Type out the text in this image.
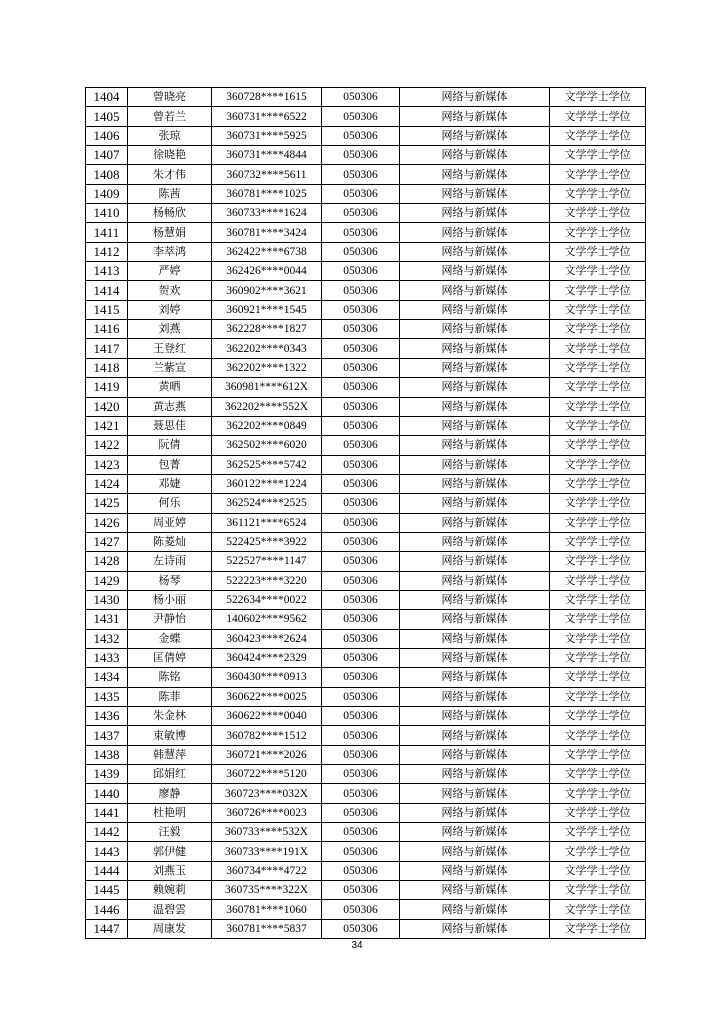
1404	曾晓亮	360728****1615	050306	网络与新媒体	文学学士学位
1405	曾若兰	360731****6522	050306	网络与新媒体	文学学士学位
1406	张琼	360731****5925	050306	网络与新媒体	文学学士学位
1407	徐晓艳	360731****4844	050306	网络与新媒体	文学学士学位
1408	朱才伟	360732****5611	050306	网络与新媒体	文学学士学位
1409	陈茜	360781****1025	050306	网络与新媒体	文学学士学位
1410	杨畅欣	360733****1624	050306	网络与新媒体	文学学士学位
1411	杨慧娟	360781****3424	050306	网络与新媒体	文学学士学位
1412	李萃鸿	362422****6738	050306	网络与新媒体	文学学士学位
1413	严婷	362426****0044	050306	网络与新媒体	文学学士学位
1414	贺欢	360902****3621	050306	网络与新媒体	文学学士学位
1415	刘婷	360921****1545	050306	网络与新媒体	文学学士学位
1416	刘燕	362228****1827	050306	网络与新媒体	文学学士学位
1417	王登红	362202****0343	050306	网络与新媒体	文学学士学位
1418	兰紫宣	362202****1322	050306	网络与新媒体	文学学士学位
1419	黄晒	360981****612X	050306	网络与新媒体	文学学士学位
1420	黄志燕	362202****552X	050306	网络与新媒体	文学学士学位
1421	聂思佳	362202****0849	050306	网络与新媒体	文学学士学位
1422	阮倩	362502****6020	050306	网络与新媒体	文学学士学位
1423	包菁	362525****5742	050306	网络与新媒体	文学学士学位
1424	邓婕	360122****1224	050306	网络与新媒体	文学学士学位
1425	何乐	362524****2525	050306	网络与新媒体	文学学士学位
1426	周亚婷	361121****6524	050306	网络与新媒体	文学学士学位
1427	陈菱灿	522425****3922	050306	网络与新媒体	文学学士学位
1428	左诗雨	522527****1147	050306	网络与新媒体	文学学士学位
1429	杨琴	522223****3220	050306	网络与新媒体	文学学士学位
1430	杨小丽	522634****0022	050306	网络与新媒体	文学学士学位
1431	尹静怡	140602****9562	050306	网络与新媒体	文学学士学位
1432	金蝶	360423****2624	050306	网络与新媒体	文学学士学位
1433	匡倩婷	360424****2329	050306	网络与新媒体	文学学士学位
1434	陈铭	360430****0913	050306	网络与新媒体	文学学士学位
1435	陈菲	360622****0025	050306	网络与新媒体	文学学士学位
1436	朱金林	360622****0040	050306	网络与新媒体	文学学士学位
1437	束敏博	360782****1512	050306	网络与新媒体	文学学士学位
1438	韩慧萍	360721****2026	050306	网络与新媒体	文学学士学位
1439	邱娟红	360722****5120	050306	网络与新媒体	文学学士学位
1440	廖静	360723****032X	050306	网络与新媒体	文学学士学位
1441	杜艳明	360726****0023	050306	网络与新媒体	文学学士学位
1442	汪毅	360733****532X	050306	网络与新媒体	文学学士学位
1443	郭伊健	360733****191X	050306	网络与新媒体	文学学士学位
1444	刘燕玉	360734****4722	050306	网络与新媒体	文学学士学位
1445	赖婉莉	360735****322X	050306	网络与新媒体	文学学士学位
1446	温碧雲	360781****1060	050306	网络与新媒体	文学学士学位
1447	周康发	360781****5837	050306	网络与新媒体	文学学士学位
34
